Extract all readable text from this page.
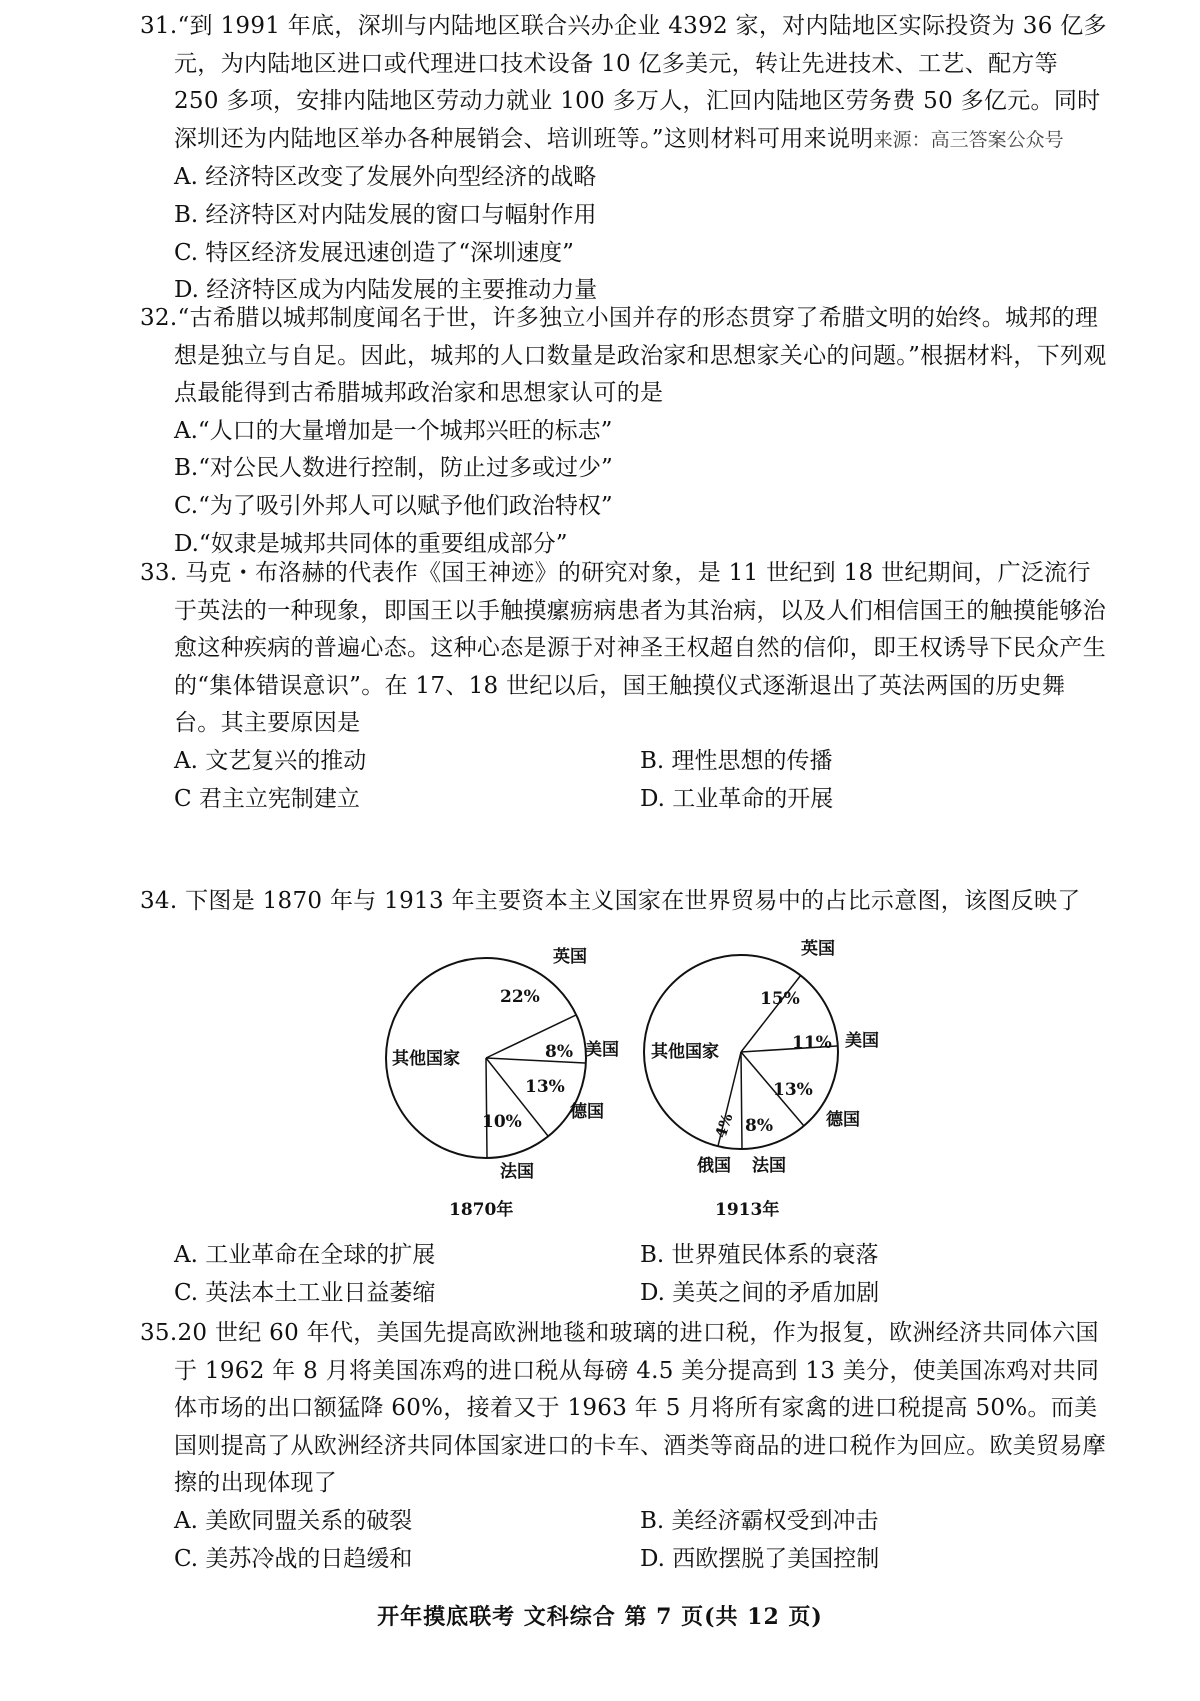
31.“到 1991 年底，深圳与内陆地区联合兴办企业 4392 家，对内陆地区实际投资为 36 亿多元，为内陆地区进口或代理进口技术设备 10 亿多美元，转让先进技术、工艺、配方等 250 多项，安排内陆地区劳动力就业 100 多万人，汇回内陆地区劳务费 50 多亿元。同时深圳还为内陆地区举办各种展销会、培训班等。”这则材料可用来说明来源：高三答案公众号

A. 经济特区改变了发展外向型经济的战略

B. 经济特区对内陆发展的窗口与幅射作用

C. 特区经济发展迅速创造了“深圳速度”

D. 经济特区成为内陆发展的主要推动力量

32.“古希腊以城邦制度闻名于世，许多独立小国并存的形态贯穿了希腊文明的始终。城邦的理想是独立与自足。因此，城邦的人口数量是政治家和思想家关心的问题。”根据材料，下列观点最能得到古希腊城邦政治家和思想家认可的是

A.“人口的大量增加是一个城邦兴旺的标志”

B.“对公民人数进行控制，防止过多或过少”

C.“为了吸引外邦人可以赋予他们政治特权”

D.“奴隶是城邦共同体的重要组成部分”

33. 马克・布洛赫的代表作《国王神迹》的研究对象，是 11 世纪到 18 世纪期间，广泛流行于英法的一种现象，即国王以手触摸瘰疬病患者为其治病，以及人们相信国王的触摸能够治愈这种疾病的普遍心态。这种心态是源于对神圣王权超自然的信仰，即王权诱导下民众产生的“集体错误意识”。在 17、18 世纪以后，国王触摸仪式逐渐退出了英法两国的历史舞台。其主要原因是

A. 文艺复兴的推动	B. 理性思想的传播

C 君主立宪制建立	D. 工业革命的开展

34. 下图是 1870 年与 1913 年主要资本主义国家在世界贸易中的占比示意图，该图反映了

英国
22%
美国
8%
德国
13%
法国
10%
其他国家
1870年
英国
15%
美国
11%
德国
13%
法国
8%
俄国
4%
其他国家
1913年

A. 工业革命在全球的扩展	B. 世界殖民体系的衰落

C. 英法本土工业日益萎缩	D. 美英之间的矛盾加剧

35.20 世纪 60 年代，美国先提高欧洲地毯和玻璃的进口税，作为报复，欧洲经济共同体六国于 1962 年 8 月将美国冻鸡的进口税从每磅 4.5 美分提高到 13 美分，使美国冻鸡对共同体市场的出口额猛降 60%，接着又于 1963 年 5 月将所有家禽的进口税提高 50%。而美国则提高了从欧洲经济共同体国家进口的卡车、酒类等商品的进口税作为回应。欧美贸易摩擦的出现体现了

A. 美欧同盟关系的破裂	B. 美经济霸权受到冲击

C. 美苏冷战的日趋缓和	D. 西欧摆脱了美国控制

开年摸底联考 文科综合 第 7 页(共 12 页)
